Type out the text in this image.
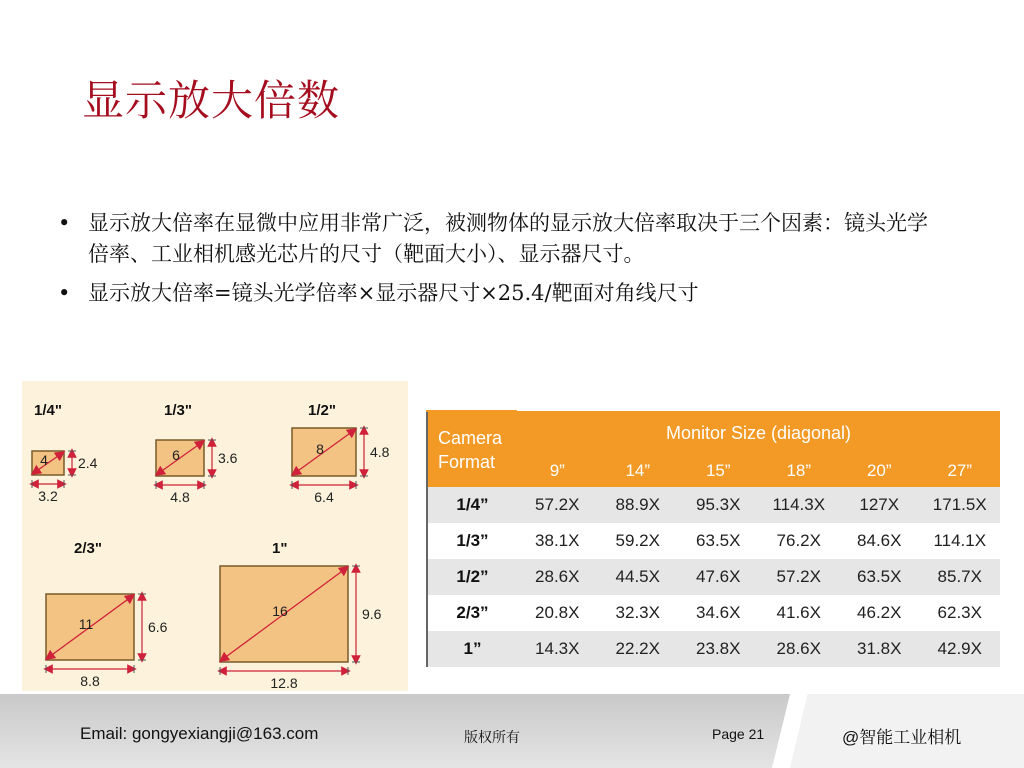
显示放大倍数
• 显示放大倍率在显微中应用非常广泛，被测物体的显示放大倍率取决于三个因素：镜头光学倍率、工业相机感光芯片的尺寸（靶面大小）、显示器尺寸。
• 显示放大倍率=镜头光学倍率×显示器尺寸×25.4/靶面对角线尺寸
1/4"
4 2.4
3.2
1/3"
6	3.6
4.8
1/2"
8	4.8
6.4
2/3"
11	6.6
8.8
1"
16	9.6
12.8
Camera Format	Monitor Size (diagonal)					
	9”	14”	15”	18”	20”	27”
1/4”	57.2X	88.9X	95.3X	114.3X	127X	171.5X
1/3”	38.1X	59.2X	63.5X	76.2X	84.6X	114.1X
1/2”	28.6X	44.5X	47.6X	57.2X	63.5X	85.7X
2/3”	20.8X	32.3X	34.6X	41.6X	46.2X	62.3X
1”	14.3X	22.2X	23.8X	28.6X	31.8X	42.9X
Email: gongyexiangji@163.com	版权所有	Page 21	@智能工业相机
